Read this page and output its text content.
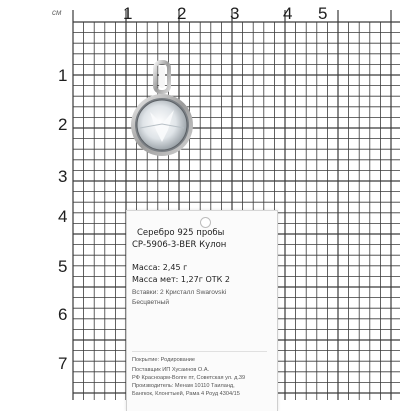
см	1	2	3	4 5
1
2
3
4
5
6
7
Серебро 925 пробы
СР-5906-3-BER Кулон
Масса: 2,45 г
Масса мет: 1,27г ОТК 2
Вставки: 2 Кристалл Swarovski
Бесцветный
Покрытие: Родирование
Поставщик ИП Хусаинов О.А.
РФ Красноарм-Волге пт, Советская ул. д.39
Производитель: Менам 10110 Таиланд,
Бангкок, Клонгтыей, Рама 4 Роуд 4304/15
